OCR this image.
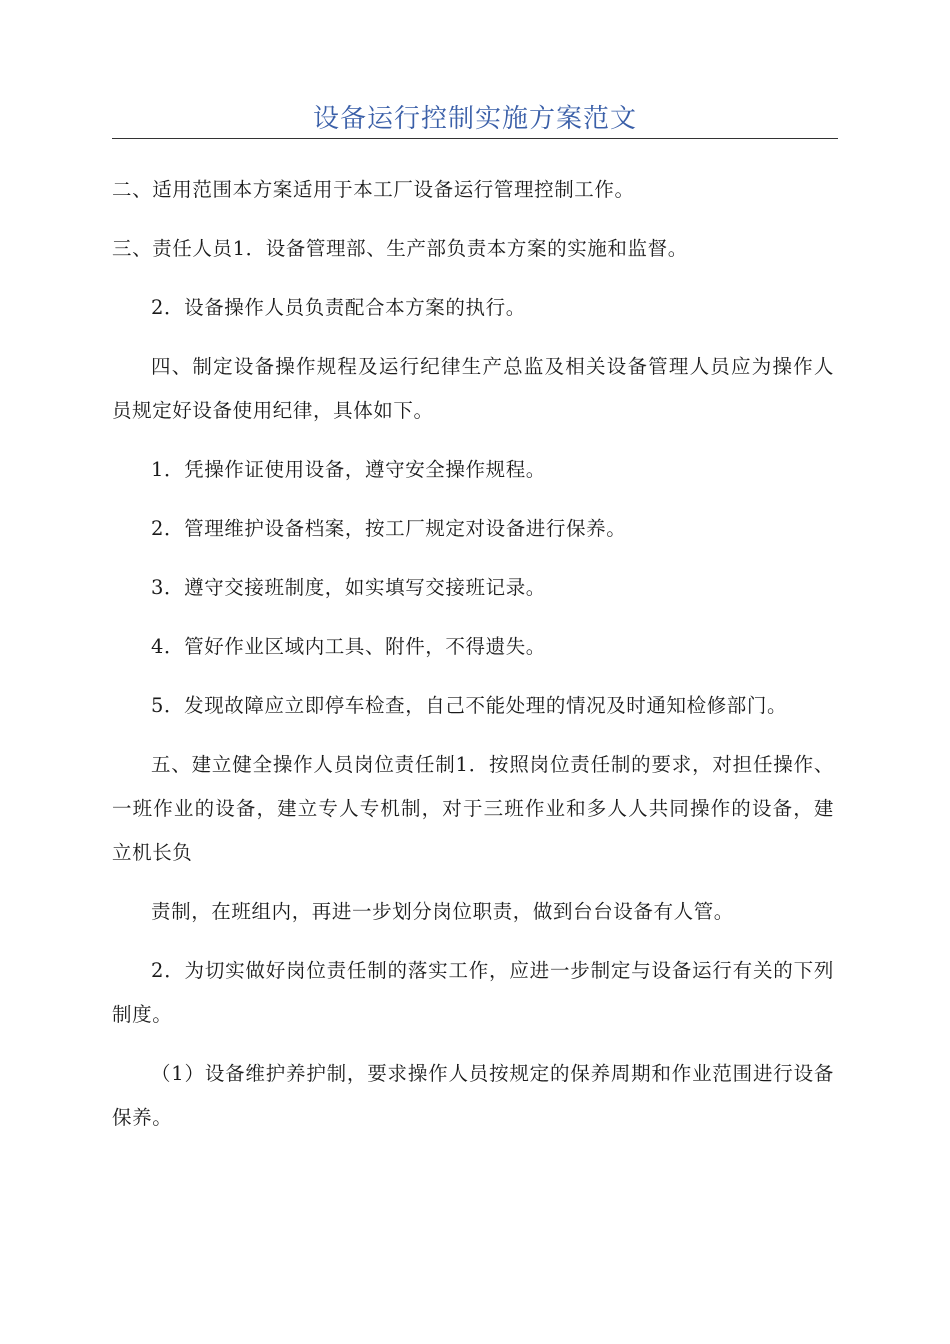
设备运行控制实施方案范文

二、适用范围本方案适用于本工厂设备运行管理控制工作。

三、责任人员1．设备管理部、生产部负责本方案的实施和监督。

2．设备操作人员负责配合本方案的执行。

四、制定设备操作规程及运行纪律生产总监及相关设备管理人员应为操作人员规定好设备使用纪律，具体如下。

1．凭操作证使用设备，遵守安全操作规程。

2．管理维护设备档案，按工厂规定对设备进行保养。

3．遵守交接班制度，如实填写交接班记录。

4．管好作业区域内工具、附件，不得遗失。

5．发现故障应立即停车检查，自己不能处理的情况及时通知检修部门。

五、建立健全操作人员岗位责任制1．按照岗位责任制的要求，对担任操作、一班作业的设备，建立专人专机制，对于三班作业和多人人共同操作的设备，建立机长负

责制，在班组内，再进一步划分岗位职责，做到台台设备有人管。

2．为切实做好岗位责任制的落实工作，应进一步制定与设备运行有关的下列制度。

（1）设备维护养护制，要求操作人员按规定的保养周期和作业范围进行设备保养。
